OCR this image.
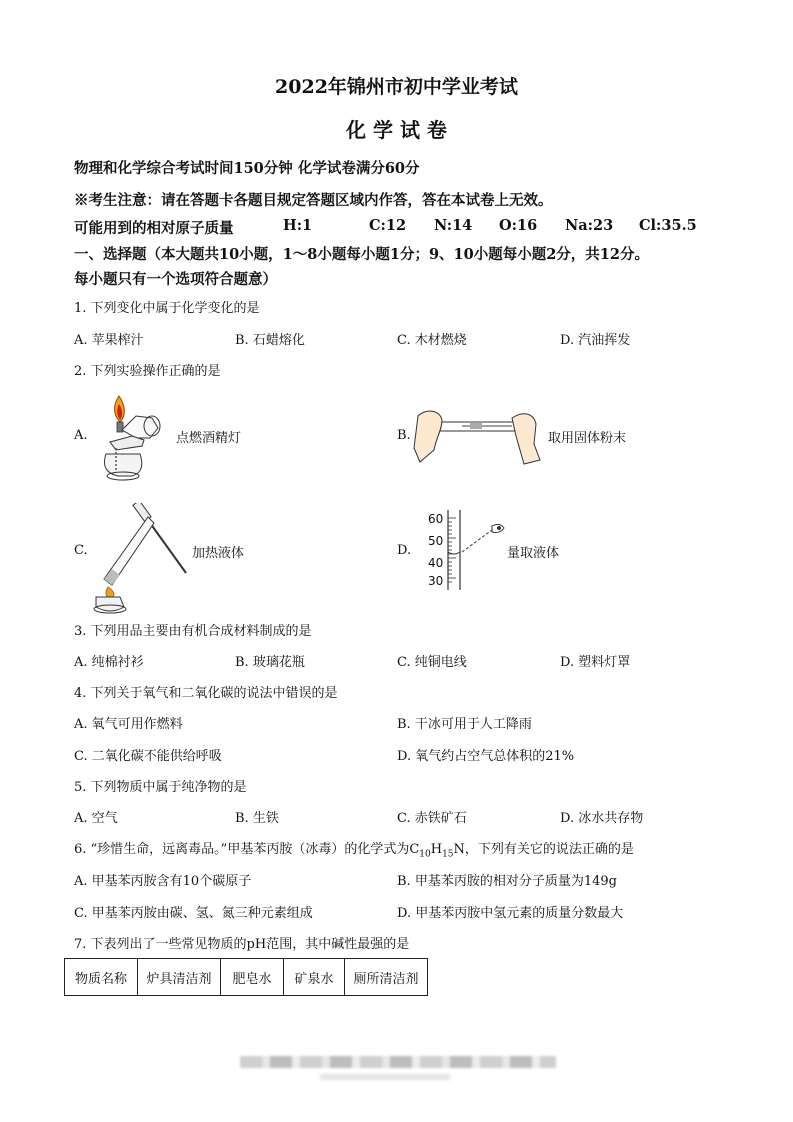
2022年锦州市初中学业考试
化 学 试 卷
物理和化学综合考试时间150分钟 化学试卷满分60分
※考生注意：请在答题卡各题目规定答题区域内作答，答在本试卷上无效。
可能用到的相对原子质量	H:1	C:12 N:14 O:16 Na:23 Cl:35.5
一、选择题（本大题共10小题，1～8小题每小题1分；9、10小题每小题2分，共12分。
每小题只有一个选项符合题意）
1. 下列变化中属于化学变化的是
A. 苹果榨汁	B. 石蜡熔化	C. 木材燃烧	D. 汽油挥发
2. 下列实验操作正确的是
A.	点燃酒精灯	B.	取用固体粉末
C.	加热液体	D.
60
50
40
30
量取液体
3. 下列用品主要由有机合成材料制成的是
A. 纯棉衬衫	B. 玻璃花瓶	C. 纯铜电线	D. 塑料灯罩
4. 下列关于氧气和二氧化碳的说法中错误的是
A. 氧气可用作燃料	B. 干冰可用于人工降雨
C. 二氧化碳不能供给呼吸	D. 氧气约占空气总体积的21%
5. 下列物质中属于纯净物的是
A. 空气	B. 生铁	C. 赤铁矿石	D. 冰水共存物
6. “珍惜生命，远离毒品。”甲基苯丙胺（冰毒）的化学式为$C_{10}H_{15}N$，下列有关它的说法正确的是
A. 甲基苯丙胺含有10个碳原子	B. 甲基苯丙胺的相对分子质量为149g
C. 甲基苯丙胺由碳、氢、氮三种元素组成	D. 甲基苯丙胺中氢元素的质量分数最大
7. 下表列出了一些常见物质的pH范围，其中碱性最强的是
物质名称	炉具清洁剂	肥皂水	矿泉水	厕所清洁剂
